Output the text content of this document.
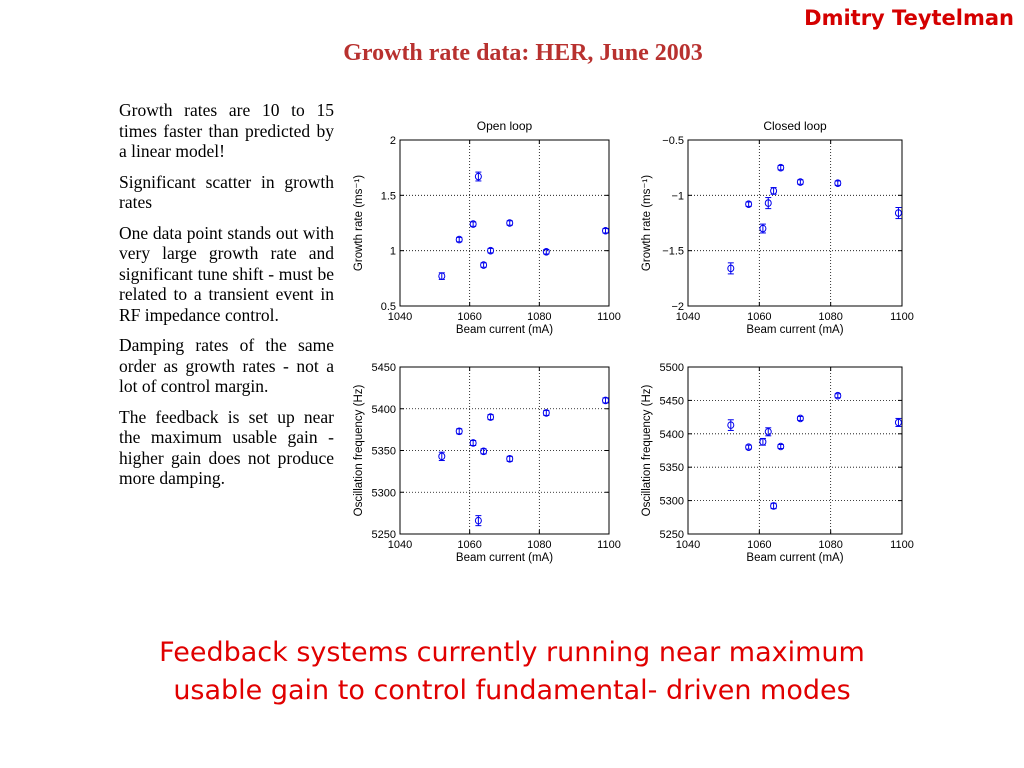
Dmitry Teytelman
Growth rate data: HER, June 2003

Growth rates are 10 to 15 times faster than predicted by a linear model!

Significant scatter in growth rates

One data point stands out with very large growth rate and significant tune shift - must be related to a transient event in RF impedance control.

Damping rates of the same order as growth rates - not a lot of control margin.

The feedback is set up near the maximum usable gain - higher gain does not produce more damping.

1040	1060	1080	1100
0.5
1
1.5
2
Open loop
Beam current (mA)
Growth rate (ms⁻¹)
1040	1060	1080	1100
−2
−1.5
−1
−0.5
Closed loop
Beam current (mA)
Growth rate (ms⁻¹)
1040	1060	1080	1100
5250
5300
5350
5400
5450
Beam current (mA)
Oscillation frequency (Hz)
1040	1060	1080	1100
5250
5300
5350
5400
5450
5500
Beam current (mA)
Oscillation frequency (Hz)
Feedback systems currently running near maximum
usable gain to control fundamental- driven modes
